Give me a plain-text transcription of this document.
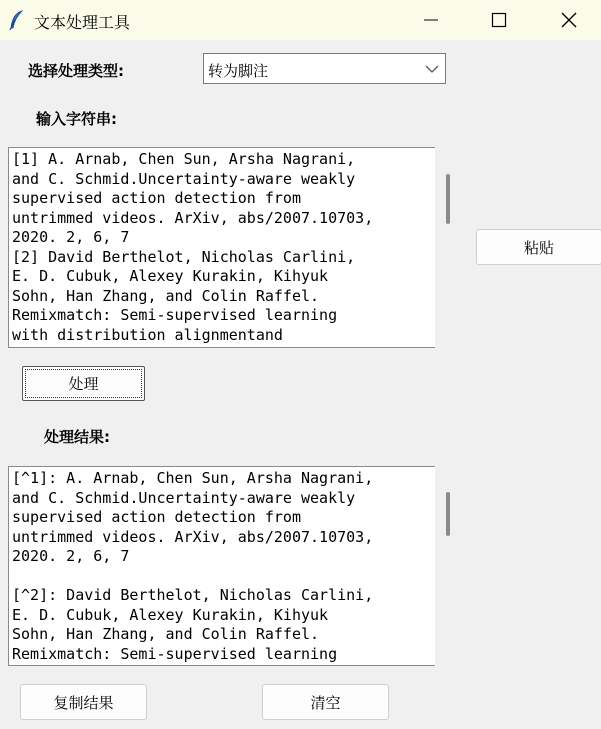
文本处理工具
选择处理类型:	转为脚注
输入字符串:
[1] A. Arnab, Chen Sun, Arsha Nagrani,
and C. Schmid.Uncertainty-aware weakly
supervised action detection from
untrimmed videos. ArXiv, abs/2007.10703,
2020. 2, 6, 7
[2] David Berthelot, Nicholas Carlini,
E. D. Cubuk, Alexey Kurakin, Kihyuk
Sohn, Han Zhang, and Colin Raffel.
Remixmatch: Semi-supervised learning
with distribution alignmentand
粘贴
处理
处理结果:
[^1]: A. Arnab, Chen Sun, Arsha Nagrani,
and C. Schmid.Uncertainty-aware weakly
supervised action detection from
untrimmed videos. ArXiv, abs/2007.10703,
2020. 2, 6, 7

[^2]: David Berthelot, Nicholas Carlini,
E. D. Cubuk, Alexey Kurakin, Kihyuk
Sohn, Han Zhang, and Colin Raffel.
Remixmatch: Semi-supervised learning
复制结果	清空
